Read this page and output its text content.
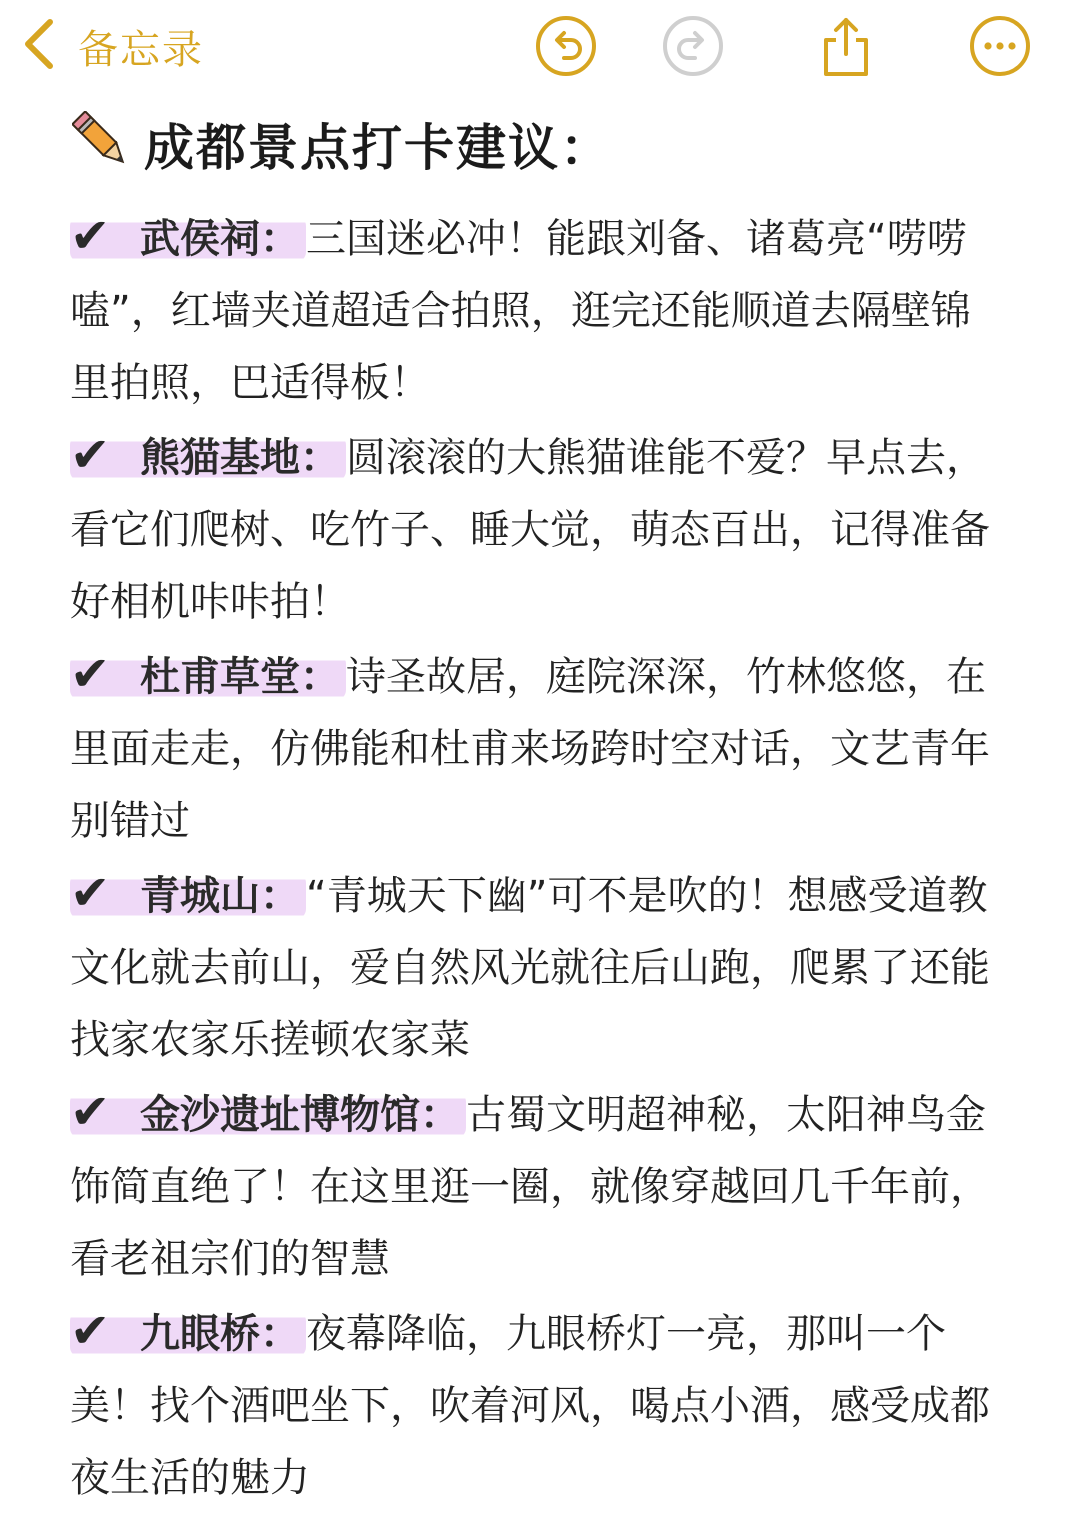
备忘录
成都景点打卡建议：

✔ 武侯祠： 三国迷必冲！能跟刘备、诸葛亮“唠唠嗑”，红墙夹道超适合拍照，逛完还能顺道去隔壁锦里拍照，巴适得板！

✔ 熊猫基地： 圆滚滚的大熊猫谁能不爱？早点去，看它们爬树、吃竹子、睡大觉，萌态百出，记得准备好相机咔咔拍！

✔ 杜甫草堂： 诗圣故居，庭院深深，竹林悠悠，在里面走走，仿佛能和杜甫来场跨时空对话，文艺青年别错过

✔ 青城山： “青城天下幽”可不是吹的！想感受道教文化就去前山，爱自然风光就往后山跑，爬累了还能找家农家乐搓顿农家菜

✔ 金沙遗址博物馆： 古蜀文明超神秘，太阳神鸟金饰简直绝了！在这里逛一圈，就像穿越回几千年前，看老祖宗们的智慧

✔ 九眼桥： 夜幕降临，九眼桥灯一亮，那叫一个美！找个酒吧坐下，吹着河风，喝点小酒，感受成都夜生活的魅力
